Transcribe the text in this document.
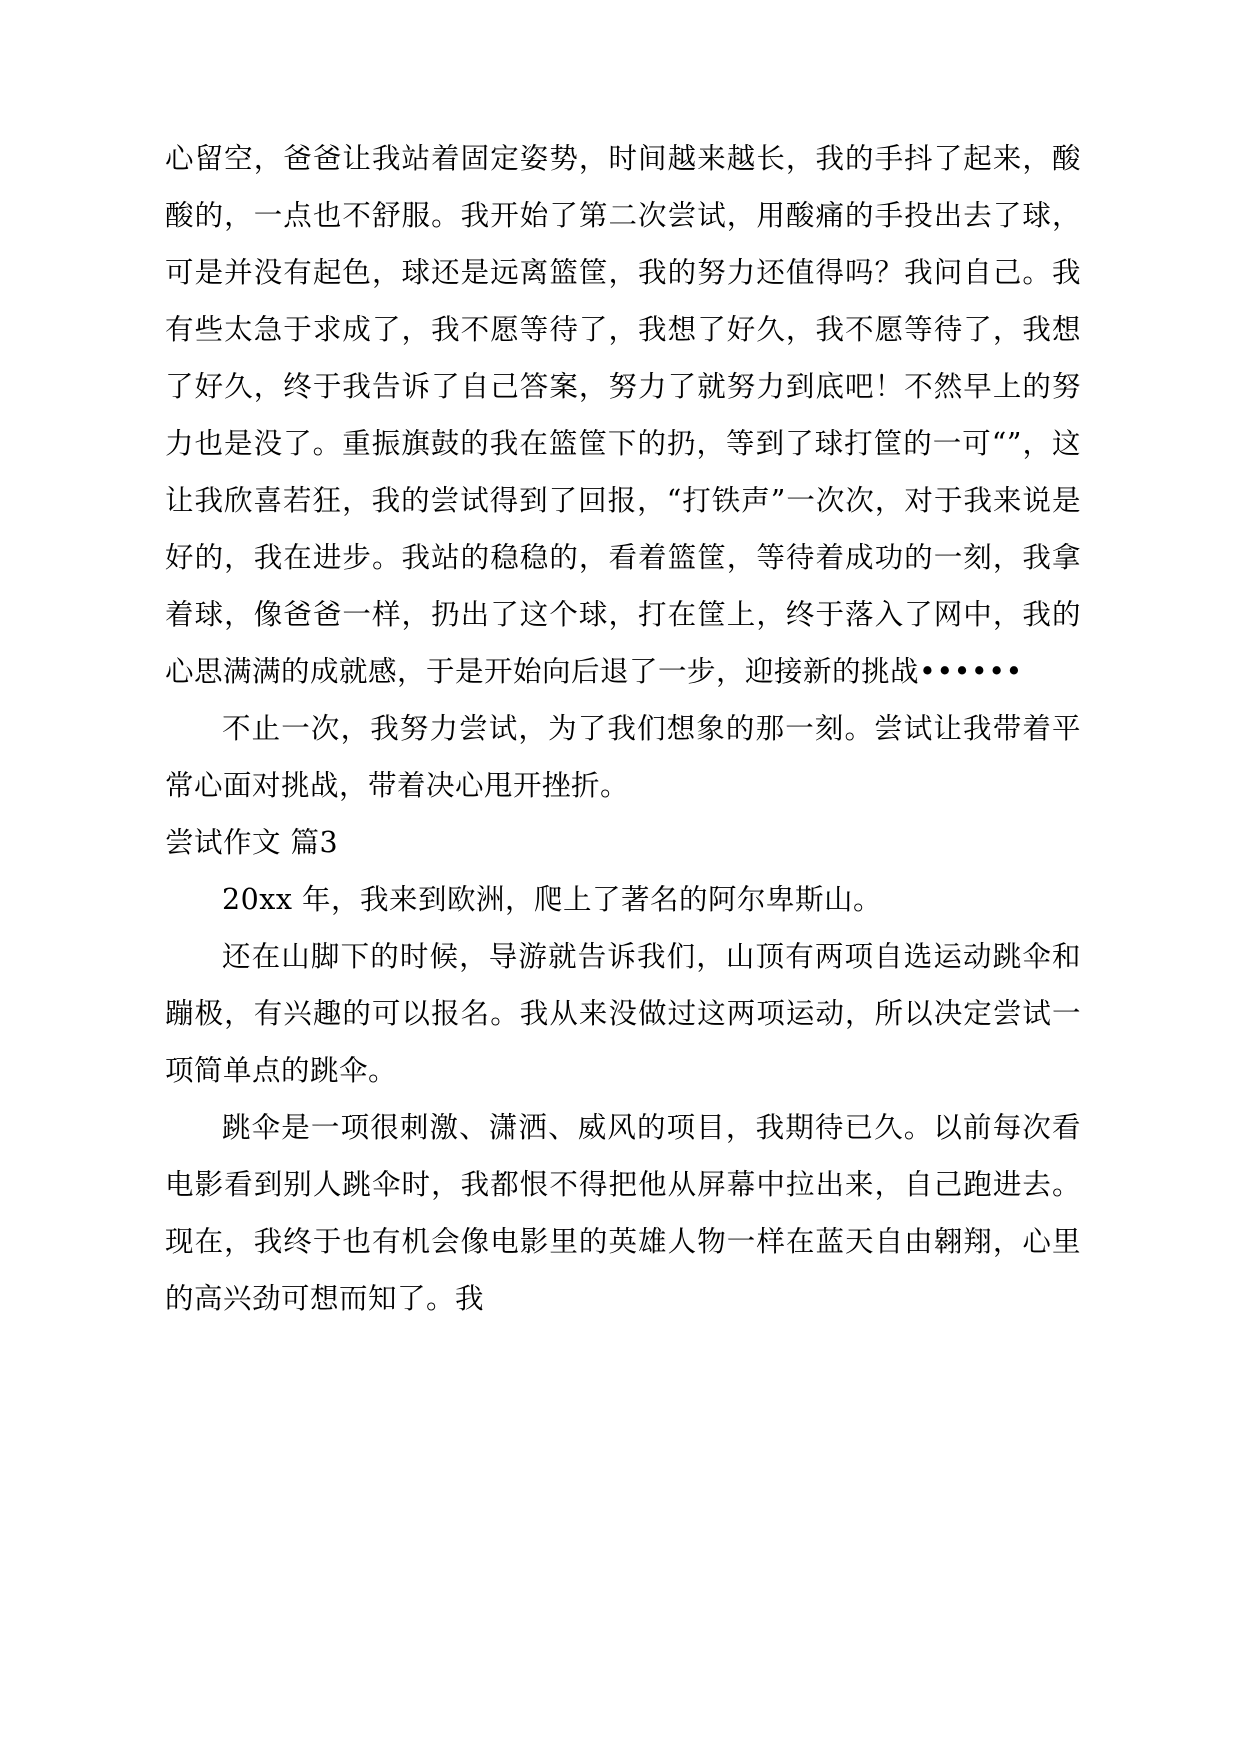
心留空，爸爸让我站着固定姿势，时间越来越长，我的手抖了起来，酸酸的，一点也不舒服。我开始了第二次尝试，用酸痛的手投出去了球，可是并没有起色，球还是远离篮筐，我的努力还值得吗？我问自己。我有些太急于求成了，我不愿等待了，我想了好久，我不愿等待了，我想了好久，终于我告诉了自己答案，努力了就努力到底吧！不然早上的努力也是没了。重振旗鼓的我在篮筐下的扔，等到了球打筐的一可“”，这让我欣喜若狂，我的尝试得到了回报，“打铁声”一次次，对于我来说是好的，我在进步。我站的稳稳的，看着篮筐，等待着成功的一刻，我拿着球，像爸爸一样，扔出了这个球，打在筐上，终于落入了网中，我的心思满满的成就感，于是开始向后退了一步，迎接新的挑战••••••

不止一次，我努力尝试，为了我们想象的那一刻。尝试让我带着平常心面对挑战，带着决心甩开挫折。

尝试作文 篇3

20xx 年，我来到欧洲，爬上了著名的阿尔卑斯山。

还在山脚下的时候，导游就告诉我们，山顶有两项自选运动跳伞和蹦极，有兴趣的可以报名。我从来没做过这两项运动，所以决定尝试一项简单点的跳伞。

跳伞是一项很刺激、潇洒、威风的项目，我期待已久。以前每次看电影看到别人跳伞时，我都恨不得把他从屏幕中拉出来，自己跑进去。现在，我终于也有机会像电影里的英雄人物一样在蓝天自由翱翔，心里的高兴劲可想而知了。我
